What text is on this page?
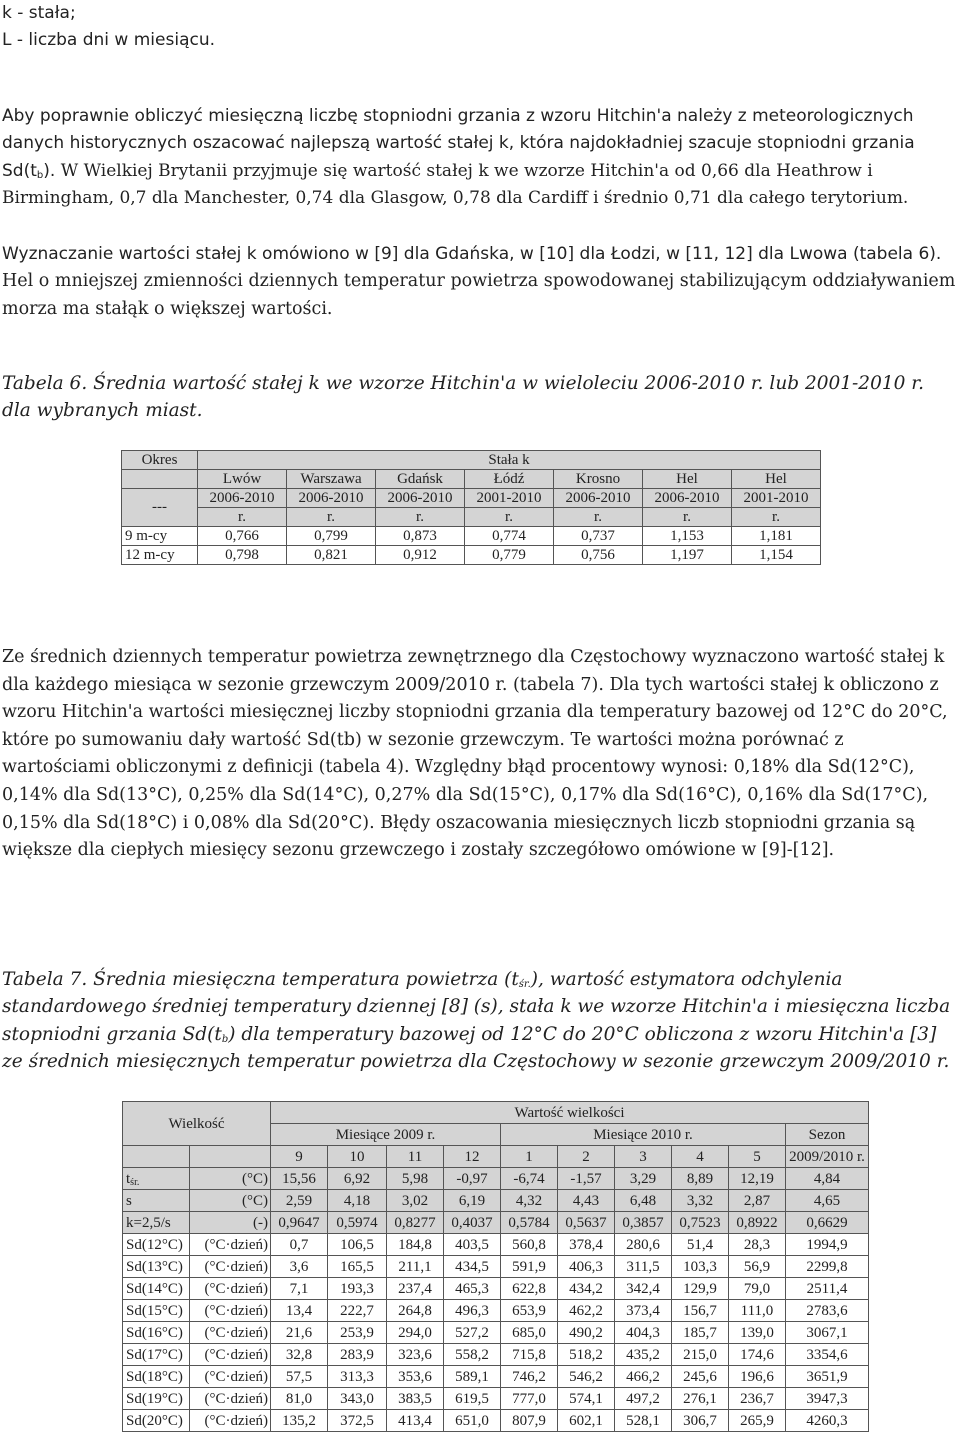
k - stała;
L - liczba dni w miesiącu.

Aby poprawnie obliczyć miesięczną liczbę stopniodni grzania z wzoru Hitchin'a należy z meteorologicznych danych historycznych oszacować najlepszą wartość stałej k, która najdokładniej szacuje stopniodni grzania $Sd(t_b)$. W Wielkiej Brytanii przyjmuje się wartość stałej k we wzorze Hitchin'a od 0,66 dla Heathrow i Birmingham, 0,7 dla Manchester, 0,74 dla Glasgow, 0,78 dla Cardiff i średnio 0,71 dla całego terytorium.

Wyznaczanie wartości stałej k omówiono w [9] dla Gdańska, w [10] dla Łodzi, w [11, 12] dla Lwowa (tabela 6). Hel o mniejszej zmienności dziennych temperatur powietrza spowodowanej stabilizującym oddziaływaniem morza ma stałąk o większej wartości.

Tabela 6. Średnia wartość stałej k we wzorze Hitchin'a w wieloleciu 2006-2010 r. lub 2001-2010 r. dla wybranych miast.

Okres	Stała k						
	Lwów	Warszawa	Gdańsk	Łódź	Krosno	Hel	Hel
---	2006-2010	2006-2010	2006-2010	2001-2010	2006-2010	2006-2010	2001-2010
	r.	r.	r.	r.	r.	r.	r.
9 m-cy	0,766	0,799	0,873	0,774	0,737	1,153	1,181
12 m-cy	0,798	0,821	0,912	0,779	0,756	1,197	1,154

Ze średnich dziennych temperatur powietrza zewnętrznego dla Częstochowy wyznaczono wartość stałej k dla każdego miesiąca w sezonie grzewczym 2009/2010 r. (tabela 7). Dla tych wartości stałej k obliczono z wzoru Hitchin'a wartości miesięcznej liczby stopniodni grzania dla temperatury bazowej od 12°C do 20°C, które po sumowaniu dały wartość Sd(tb) w sezonie grzewczym. Te wartości można porównać z wartościami obliczonymi z definicji (tabela 4). Względny błąd procentowy wynosi: 0,18% dla Sd(12°C), 0,14% dla Sd(13°C), 0,25% dla Sd(14°C), 0,27% dla Sd(15°C), 0,17% dla Sd(16°C), 0,16% dla Sd(17°C), 0,15% dla Sd(18°C) i 0,08% dla Sd(20°C). Błędy oszacowania miesięcznych liczb stopniodni grzania są większe dla ciepłych miesięcy sezonu grzewczego i zostały szczegółowo omówione w [9]-[12].

Tabela 7. Średnia miesięczna temperatura powietrza $(t_{śr.})$, wartość estymatora odchylenia standardowego średniej temperatury dziennej [8] (s), stała k we wzorze Hitchin'a i miesięczna liczba stopniodni grzania $Sd(t_b)$ dla temperatury bazowej od 12°C do 20°C obliczona z wzoru Hitchin'a [3] ze średnich miesięcznych temperatur powietrza dla Częstochowy w sezonie grzewczym 2009/2010 r.

Wielkość		Wartość wielkości									
		Miesiące 2009 r.				Miesiące 2010 r.					Sezon
		9	10	11	12	1	2	3	4	5	2009/2010 r.
$t_{śr.}$	(°C)	15,56	6,92	5,98	-0,97	-6,74	-1,57	3,29	8,89	12,19	4,84
s	(°C)	2,59	4,18	3,02	6,19	4,32	4,43	6,48	3,32	2,87	4,65
k=2,5/s	(-)	0,9647	0,5974	0,8277	0,4037	0,5784	0,5637	0,3857	0,7523	0,8922	0,6629
Sd(12°C)	(°C·dzień)	0,7	106,5	184,8	403,5	560,8	378,4	280,6	51,4	28,3	1994,9
Sd(13°C)	(°C·dzień)	3,6	165,5	211,1	434,5	591,9	406,3	311,5	103,3	56,9	2299,8
Sd(14°C)	(°C·dzień)	7,1	193,3	237,4	465,3	622,8	434,2	342,4	129,9	79,0	2511,4
Sd(15°C)	(°C·dzień)	13,4	222,7	264,8	496,3	653,9	462,2	373,4	156,7	111,0	2783,6
Sd(16°C)	(°C·dzień)	21,6	253,9	294,0	527,2	685,0	490,2	404,3	185,7	139,0	3067,1
Sd(17°C)	(°C·dzień)	32,8	283,9	323,6	558,2	715,8	518,2	435,2	215,0	174,6	3354,6
Sd(18°C)	(°C·dzień)	57,5	313,3	353,6	589,1	746,2	546,2	466,2	245,6	196,6	3651,9
Sd(19°C)	(°C·dzień)	81,0	343,0	383,5	619,5	777,0	574,1	497,2	276,1	236,7	3947,3
Sd(20°C)	(°C·dzień)	135,2	372,5	413,4	651,0	807,9	602,1	528,1	306,7	265,9	4260,3
